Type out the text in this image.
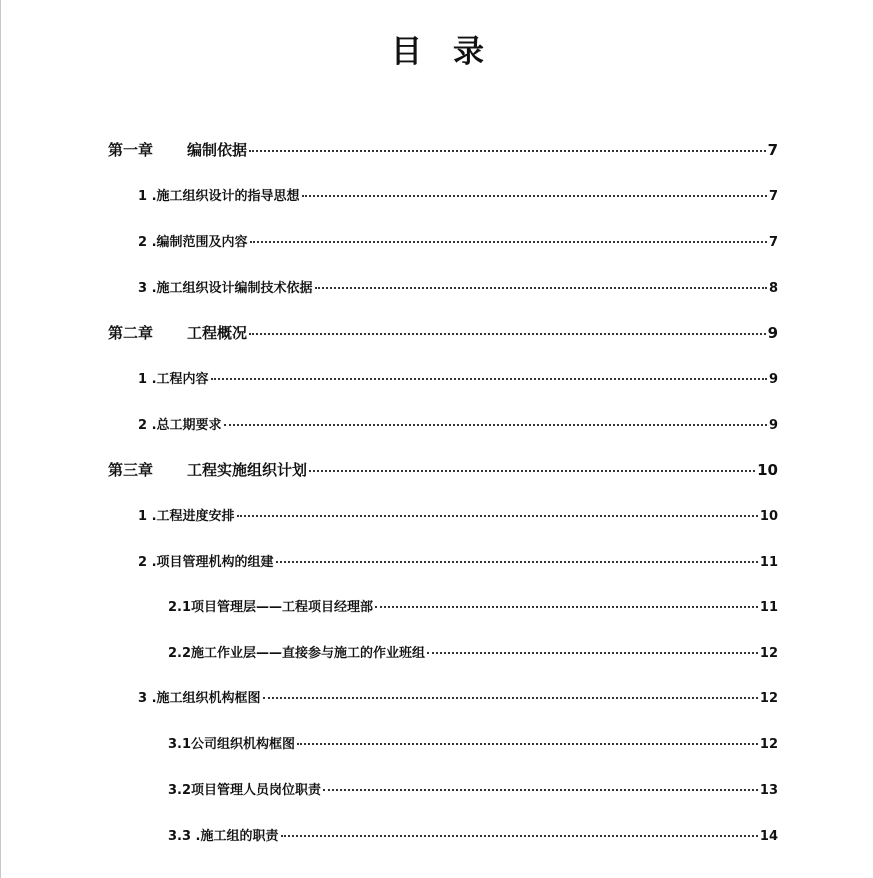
目　录
第一章	编制依据	7
1 . 施工组织设计的指导思想	7
2 . 编制范围及内容	7
3 . 施工组织设计编制技术依据	8
第二章	工程概况	9
1 . 工程内容	9
2 . 总工期要求	9
第三章	工程实施组织计划	10
1 . 工程进度安排	10
2 . 项目管理机构的组建	11
2.1 项目管理层——工程项目经理部	11
2.2 施工作业层——直接参与施工的作业班组	12
3 . 施工组织机构框图	12
3.1 公司组织机构框图	12
3.2 项目管理人员岗位职责	13
3.3 . 施工组的职责	14
